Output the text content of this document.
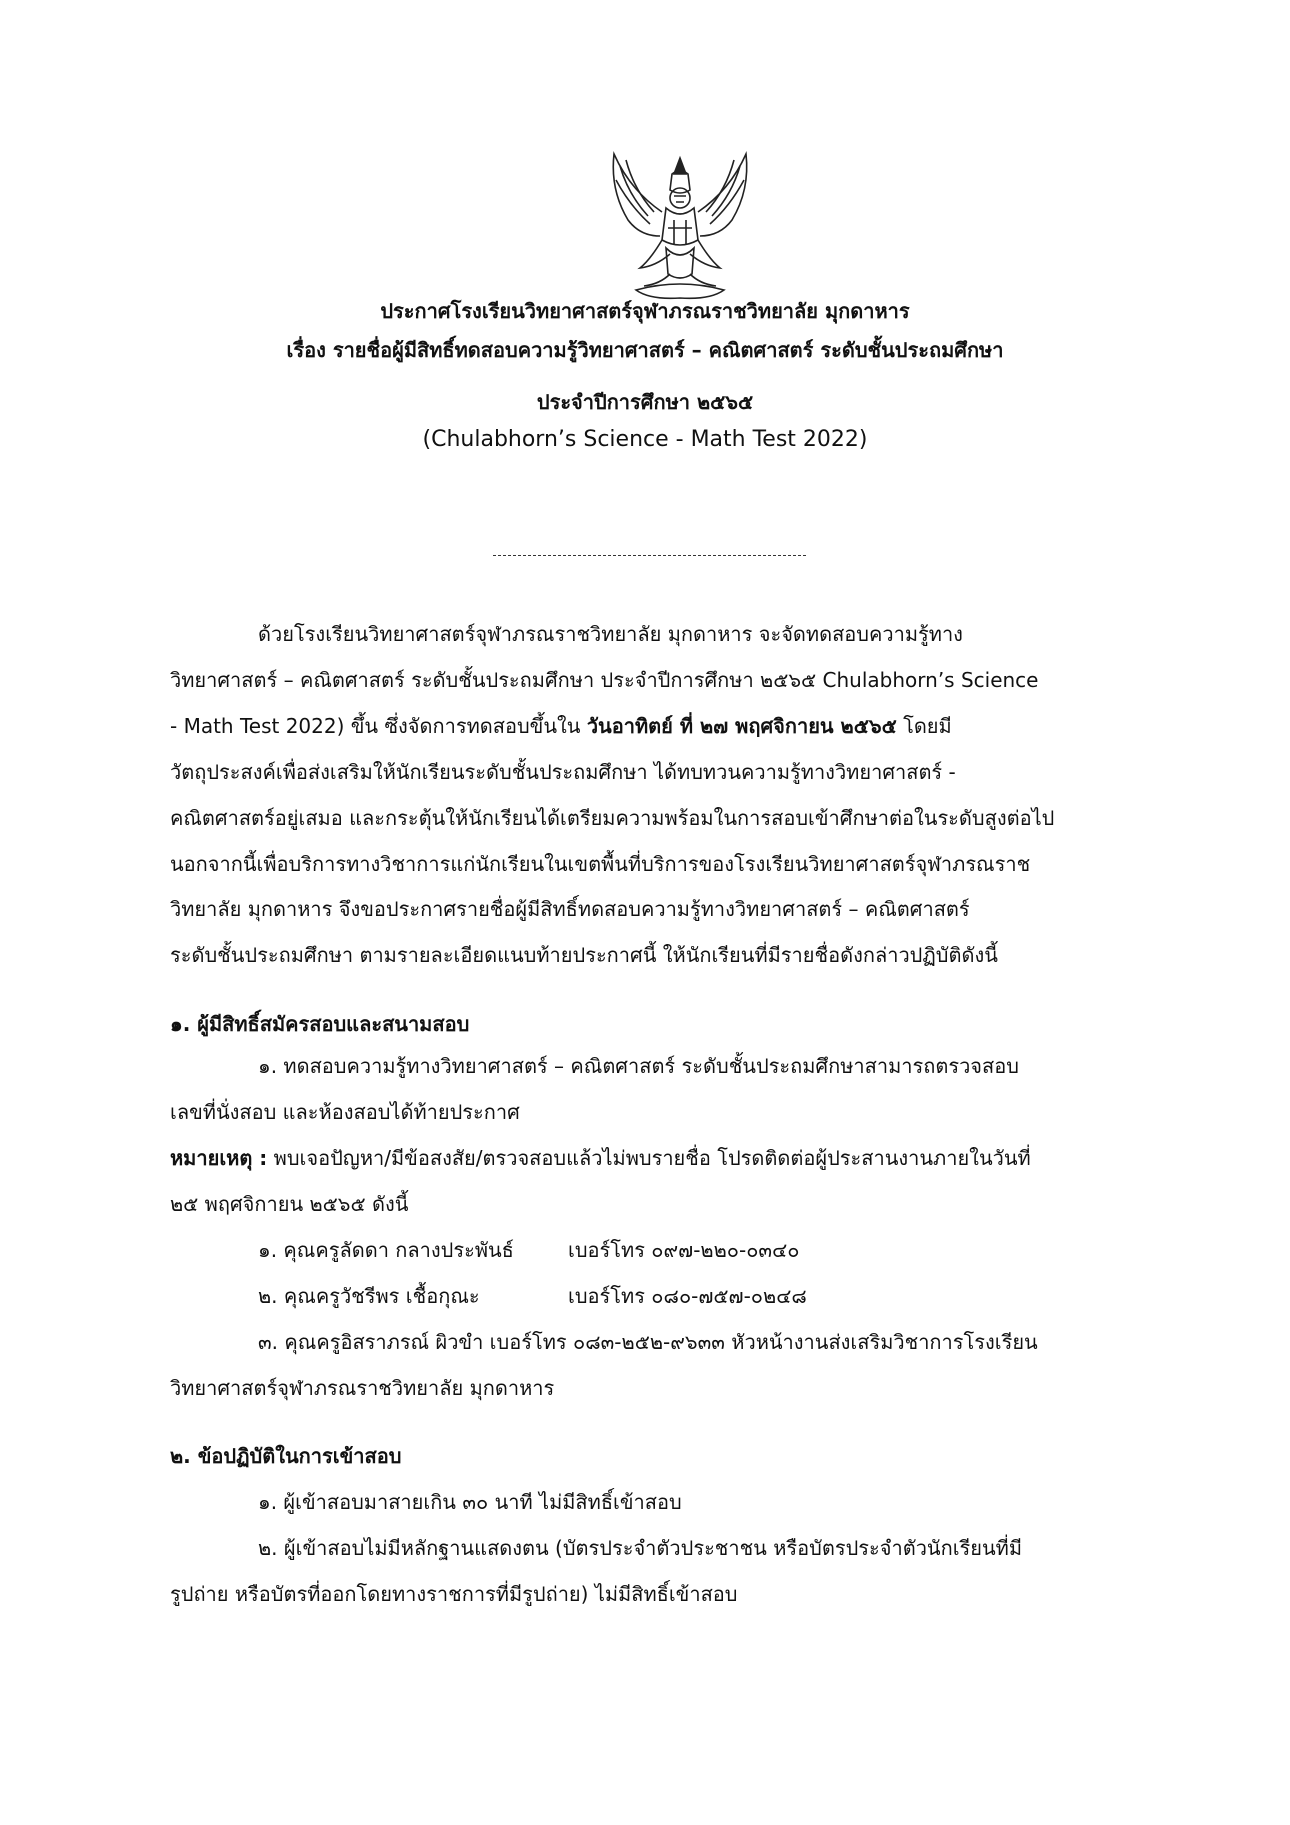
ประกาศโรงเรียนวิทยาศาสตร์จุฬาภรณราชวิทยาลัย มุกดาหาร
เรื่อง รายชื่อผู้มีสิทธิ์ทดสอบความรู้วิทยาศาสตร์ – คณิตศาสตร์ ระดับชั้นประถมศึกษา
ประจำปีการศึกษา ๒๕๖๕
(Chulabhorn’s Science - Math Test 2022)
ด้วยโรงเรียนวิทยาศาสตร์จุฬาภรณราชวิทยาลัย มุกดาหาร จะจัดทดสอบความรู้ทาง
วิทยาศาสตร์ – คณิตศาสตร์ ระดับชั้นประถมศึกษา ประจำปีการศึกษา ๒๕๖๕ Chulabhorn’s Science
- Math Test 2022) ขึ้น ซึ่งจัดการทดสอบขึ้นใน วันอาทิตย์ ที่ ๒๗ พฤศจิกายน ๒๕๖๕ โดยมี
วัตถุประสงค์เพื่อส่งเสริมให้นักเรียนระดับชั้นประถมศึกษา ได้ทบทวนความรู้ทางวิทยาศาสตร์ -
คณิตศาสตร์อยู่เสมอ และกระตุ้นให้นักเรียนได้เตรียมความพร้อมในการสอบเข้าศึกษาต่อในระดับสูงต่อไป
นอกจากนี้เพื่อบริการทางวิชาการแก่นักเรียนในเขตพื้นที่บริการของโรงเรียนวิทยาศาสตร์จุฬาภรณราช
วิทยาลัย มุกดาหาร จึงขอประกาศรายชื่อผู้มีสิทธิ์ทดสอบความรู้ทางวิทยาศาสตร์ – คณิตศาสตร์
ระดับชั้นประถมศึกษา ตามรายละเอียดแนบท้ายประกาศนี้ ให้นักเรียนที่มีรายชื่อดังกล่าวปฏิบัติดังนี้
๑. ผู้มีสิทธิ์สมัครสอบและสนามสอบ
๑. ทดสอบความรู้ทางวิทยาศาสตร์ – คณิตศาสตร์ ระดับชั้นประถมศึกษาสามารถตรวจสอบ
เลขที่นั่งสอบ และห้องสอบได้ท้ายประกาศ
หมายเหตุ : พบเจอปัญหา/มีข้อสงสัย/ตรวจสอบแล้วไม่พบรายชื่อ โปรดติดต่อผู้ประสานงานภายในวันที่
๒๕ พฤศจิกายน ๒๕๖๕ ดังนี้
๑. คุณครูลัดดา กลางประพันธ์	เบอร์โทร ๐๙๗-๒๒๐-๐๓๔๐
๒. คุณครูวัชรีพร เชื้อกุณะ	เบอร์โทร ๐๘๐-๗๕๗-๐๒๔๘
๓. คุณครูอิสราภรณ์ ผิวขำ เบอร์โทร ๐๘๓-๒๕๒-๙๖๓๓ หัวหน้างานส่งเสริมวิชาการโรงเรียน
วิทยาศาสตร์จุฬาภรณราชวิทยาลัย มุกดาหาร
๒. ข้อปฏิบัติในการเข้าสอบ
๑. ผู้เข้าสอบมาสายเกิน ๓๐ นาที ไม่มีสิทธิ์เข้าสอบ
๒. ผู้เข้าสอบไม่มีหลักฐานแสดงตน (บัตรประจำตัวประชาชน หรือบัตรประจำตัวนักเรียนที่มี
รูปถ่าย หรือบัตรที่ออกโดยทางราชการที่มีรูปถ่าย) ไม่มีสิทธิ์เข้าสอบ
